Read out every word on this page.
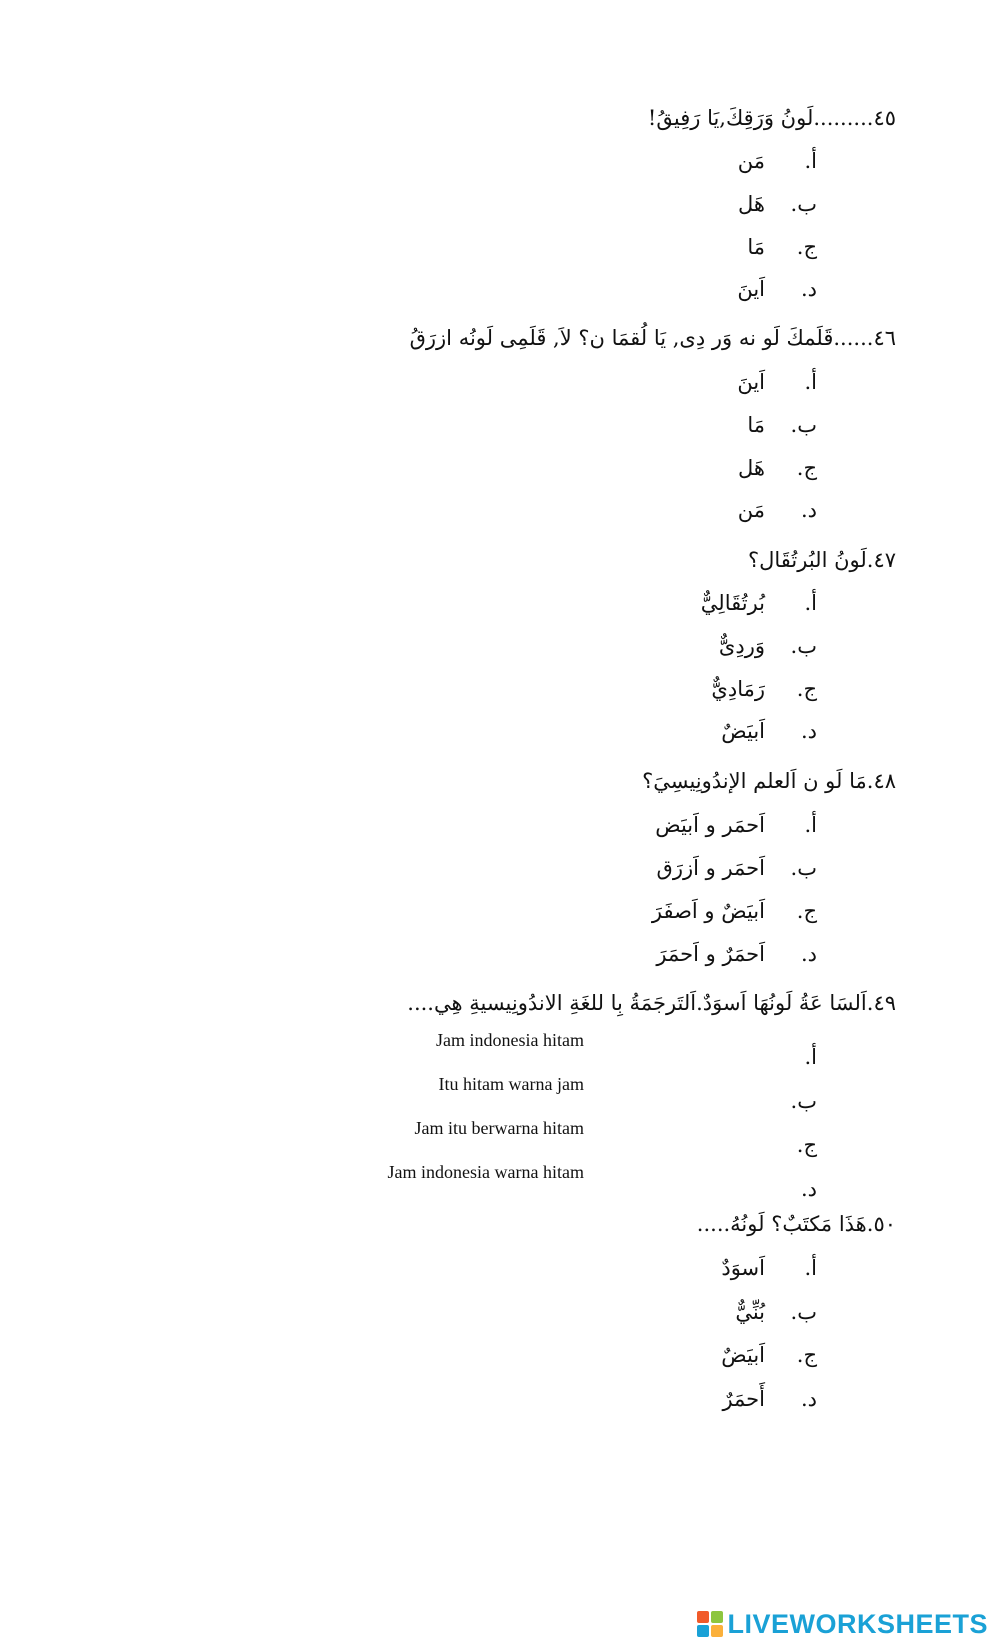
٤٥.........لَونُ وَرَقِكَ,يَا رَفِيقُ!
أ.
مَن
ب.
هَل
ج.
مَا
د.
اَينَ
٤٦......قَلَمكَ لَو نه وَر دِى, يَا لُقمَا ن؟ لاَ, قَلَمِى لَونُه ازرَقُ
أ.
اَينَ
ب.
مَا
ج.
هَل
د.
مَن
٤٧.لَونُ البُرتُقَال؟
أ.
بُرتُقَالِيٌّ
ب.
وَردِىٌّ
ج.
رَمَادِيٌّ
د.
اَبيَضٌ
٤٨.مَا لَو ن اَلعلم الإندُونِيسِيَ؟
أ.
اَحمَر و اَبيَض
ب.
اَحمَر و اَزرَق
ج.
اَبيَضٌ و اَصفَرَ
د.
اَحمَرٌ و اَحمَرَ
٤٩.اَلسَا عَةُ لَونُهَا اَسوَدٌ.اَلتَرجَمَةُ بِا للغَةِ الاندُونِيسيةِ هِي....
أ.
Jam indonesia hitam
ب.
Itu hitam warna jam
ج.
Jam itu berwarna hitam
د.
Jam indonesia warna hitam
٥٠.هَذَا مَكتَبٌ؟ لَونُهُ.....
أ.
اَسوَدٌ
ب.
بُنِّيٌّ
ج.
اَبيَضٌ
د.
أَحمَرٌ
LIVEWORKSHEETS
